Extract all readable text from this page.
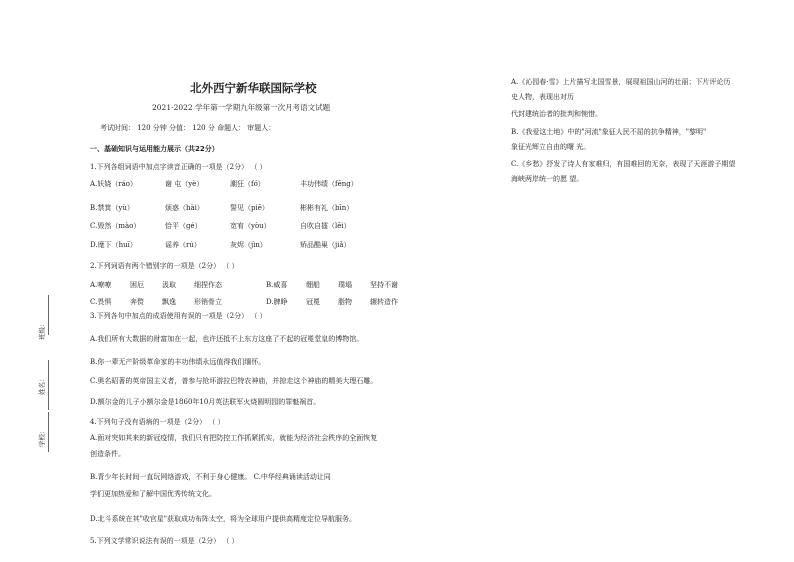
班级：
姓名：
学校：
北外西宁新华联国际学校
2021-2022 学年第一学期九年级第一次月考语文试题
考试时间： 120 分钟 分值： 120 分 命题人： 审题人：
一、基础知识与运用能力展示（共22分）
1.下列各组词语中加点字读音正确的一项是（2分） （ ）
A.妖娆（ráo）	谢 屯（yè）	潮狂（fó）	丰功伟绩（fēng）
B.禁箕（yù）	烦惑（hài）	誓见（piē）	彬彬有礼（bīn）
C.毁然（mào）	恰平（gé）	宽宥（yòu）	自吹自擂（lěi）
D.麾下（huī）	谣养（rú）	灰烬（jìn）	矫品酷巢（jiǎ）
2.下列词语有两个错别字的一项是（2分） （ ）
A.嘹嘹	困厄	汲取	细捏作态	B.威喜	绷船	璞塌	坚持不谢
C.畏惧	奔赘	飘逸	形销骨立	D.脾睁	冠冕	脂物	辗转造作
3.下列各句中加点的成语使用有误的一项是（2分） （ ）
A.我们所有大数据的财富加在一起，也许还抵不上东方这座了不起的冠冕堂皇的博物馆。
B.你一辈无产阶级革命家的丰功伟绩永远值得我们缅怀。
C.奥名昭著的英帝国主义者，普参与抢坏游拉巴特农神庙，并掠走这个神庙的精美大理石雕。
D.额尔金的儿子小额尔金是1860年10月英法联军火烧圆明园的罪魁祸首。
4.下列句子没有语病的一项是（2分） （ ）
A.面对突如其来的新冠疫情，我们只有把防控工作抓紧抓实，就能为经济社会秩序的全面恢复
创造条件。
B.青少年长时间一直玩网络游戏，不利于身心健康。 C.中华经典诵读活动让同
学们更加热爱和了解中国优秀传统文化。
D.北斗系统在其"收官星"获取成功布阵太空，将为全球用户提供高精度定位导航服务。
5.下列文学常识说法有误的一项是（2分） （ ）
A.《沁园春·雪》上片描写北国雪景，展现祖国山河的壮丽；下片评论历
史人物，表现出对历
代封建统治者的批判和惋惜。
B.《我爱这土地》中的"河流"象征人民不屈的抗争精神，"黎明"
象征光辉立自由的曙 光。
C.《乡愁》抒发了诗人有家难归，有国难回的无奈，表现了天涯游子期望
海峡两岸统一的愿 望。
